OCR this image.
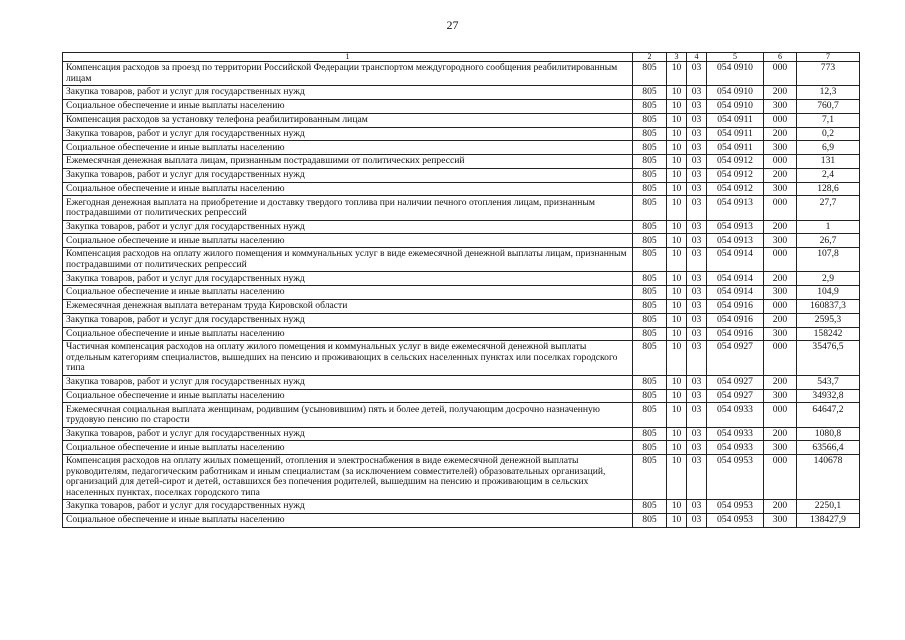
27
1	2	3	4	5	6	7
Компенсация расходов за проезд по территории Российской Федерации транспортом междугородного сообщения реабилитированным лицам	805	10	03	054 0910	000	773
Закупка товаров, работ и услуг для государственных нужд	805	10	03	054 0910	200	12,3
Социальное обеспечение и иные выплаты населению	805	10	03	054 0910	300	760,7
Компенсация расходов за установку телефона реабилитированным лицам	805	10	03	054 0911	000	7,1
Закупка товаров, работ и услуг для государственных нужд	805	10	03	054 0911	200	0,2
Социальное обеспечение и иные выплаты населению	805	10	03	054 0911	300	6,9
Ежемесячная денежная выплата лицам, признанным пострадавшими от политических репрессий	805	10	03	054 0912	000	131
Закупка товаров, работ и услуг для государственных нужд	805	10	03	054 0912	200	2,4
Социальное обеспечение и иные выплаты населению	805	10	03	054 0912	300	128,6
Ежегодная денежная выплата на приобретение и доставку твердого топлива при наличии печного отопления лицам, признанным пострадавшими от политических репрессий	805	10	03	054 0913	000	27,7
Закупка товаров, работ и услуг для государственных нужд	805	10	03	054 0913	200	1
Социальное обеспечение и иные выплаты населению	805	10	03	054 0913	300	26,7
Компенсация расходов на оплату жилого помещения и коммунальных услуг в виде ежемесячной денежной выплаты лицам, признанным пострадавшими от политических репрессий	805	10	03	054 0914	000	107,8
Закупка товаров, работ и услуг для государственных нужд	805	10	03	054 0914	200	2,9
Социальное обеспечение и иные выплаты населению	805	10	03	054 0914	300	104,9
Ежемесячная денежная выплата ветеранам труда Кировской области	805	10	03	054 0916	000	160837,3
Закупка товаров, работ и услуг для государственных нужд	805	10	03	054 0916	200	2595,3
Социальное обеспечение и иные выплаты населению	805	10	03	054 0916	300	158242
Частичная компенсация расходов на оплату жилого помещения и коммунальных услуг в виде ежемесячной денежной выплаты отдельным категориям специалистов, вышедших на пенсию и проживающих в сельских населенных пунктах или поселках городского типа	805	10	03	054 0927	000	35476,5
Закупка товаров, работ и услуг для государственных нужд	805	10	03	054 0927	200	543,7
Социальное обеспечение и иные выплаты населению	805	10	03	054 0927	300	34932,8
Ежемесячная социальная выплата женщинам, родившим (усыновившим) пять и более детей, получающим досрочно назначенную трудовую пенсию по старости	805	10	03	054 0933	000	64647,2
Закупка товаров, работ и услуг для государственных нужд	805	10	03	054 0933	200	1080,8
Социальное обеспечение и иные выплаты населению	805	10	03	054 0933	300	63566,4
Компенсация расходов на оплату жилых помещений, отопления и электроснабжения в виде ежемесячной денежной выплаты руководителям, педагогическим работникам и иным специалистам (за исключением совместителей) образовательных организаций, организаций для детей-сирот и детей, оставшихся без попечения родителей, вышедшим на пенсию и проживающим в сельских населенных пунктах, поселках городского типа	805	10	03	054 0953	000	140678
Закупка товаров, работ и услуг для государственных нужд	805	10	03	054 0953	200	2250,1
Социальное обеспечение и иные выплаты населению	805	10	03	054 0953	300	138427,9
